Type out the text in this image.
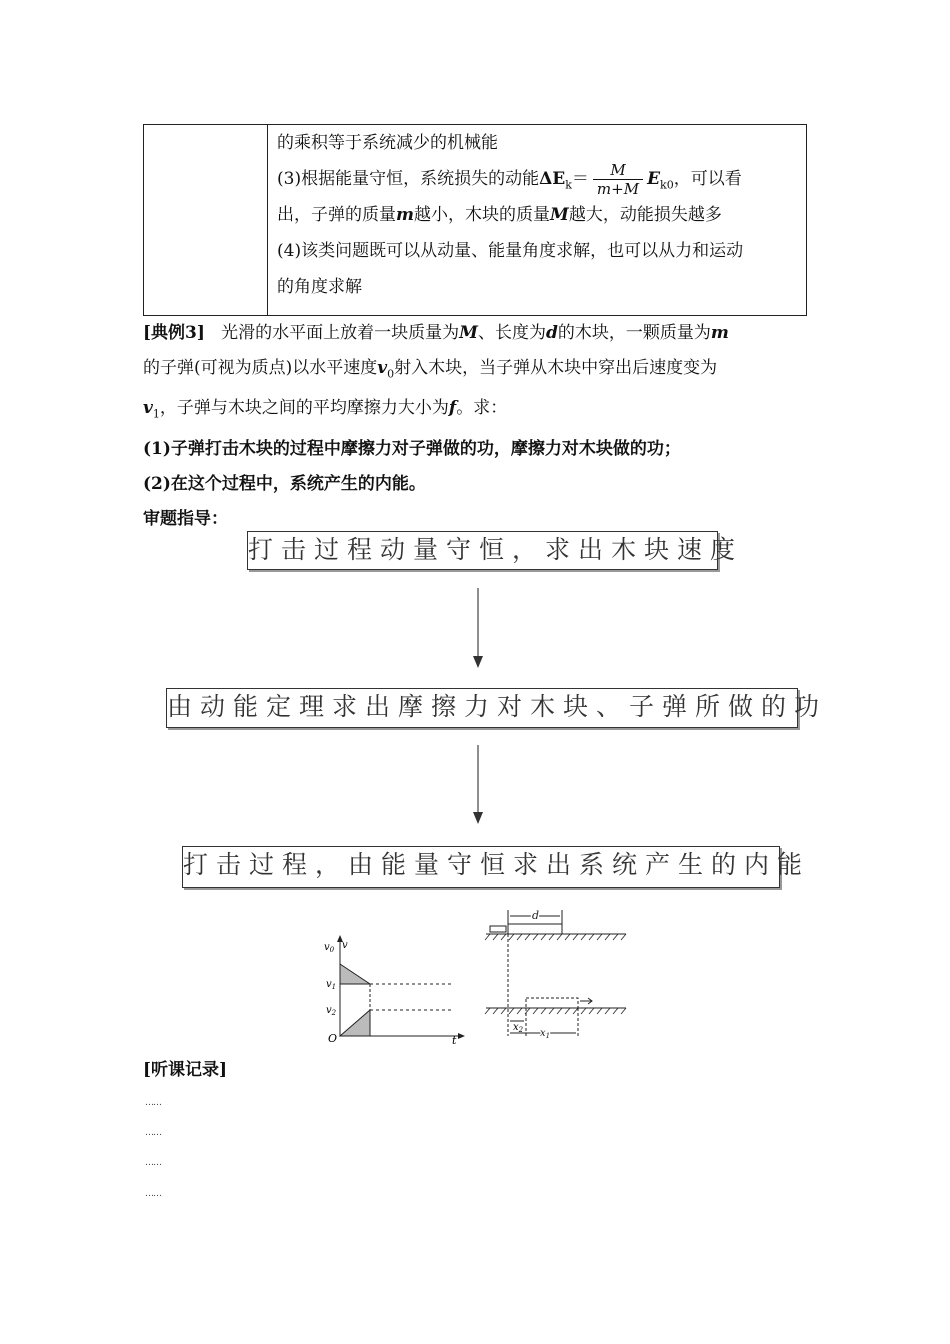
的乘积等于系统减少的机械能
(3)根据能量守恒，系统损失的动能$\Delta E_k= \frac{M}{m+M} E_{k0}$，可以看
出，子弹的质量m越小，木块的质量M越大，动能损失越多
(4)该类问题既可以从动量、能量角度求解，也可以从力和运动
的角度求解

[典例3] 光滑的水平面上放着一块质量为M、长度为d的木块，一颗质量为m

的子弹(可视为质点)以水平速度$v_0$射入木块，当子弹从木块中穿出后速度变为

$v_1$，子弹与木块之间的平均摩擦力大小为f。求：

(1)子弹打击木块的过程中摩擦力对子弹做的功，摩擦力对木块做的功；

(2)在这个过程中，系统产生的内能。

审题指导：

打击过程动量守恒，求出木块速度
由动能定理求出摩擦力对木块、子弹所做的功
打击过程，由能量守恒求出系统产生的内能
$v_0$ v
$v_1$
$v_2$
O	t
d
$x_2$ $x_1$
[听课记录]
……
……
……
……
